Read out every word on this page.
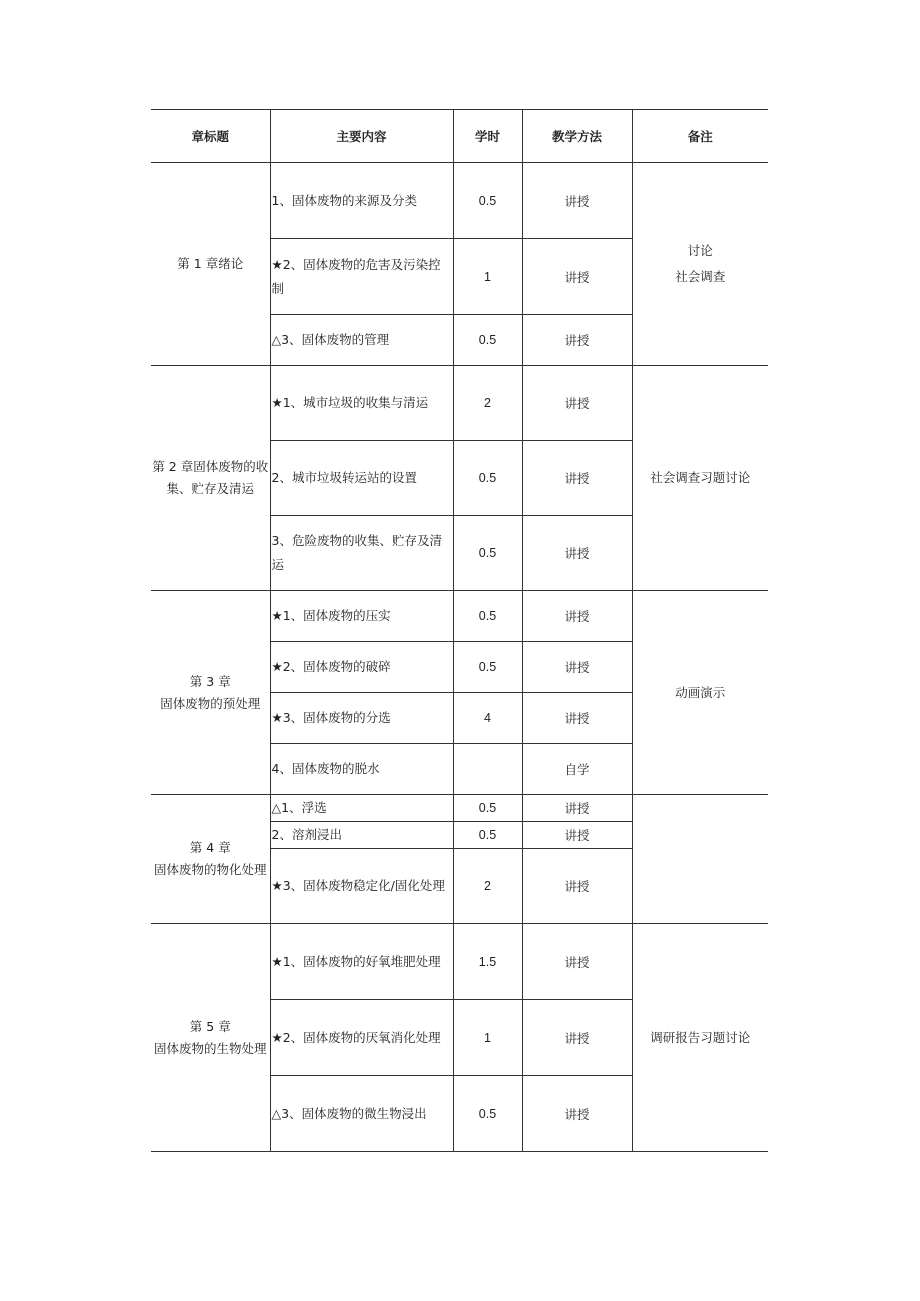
章标题	主要内容	学时	教学方法	备注

第 1 章绪论	1、固体废物的来源及分类	0.5	讲授	讨论
社会调查

	★2、固体废物的危害及污染控制	1	讲授	
	△3、固体废物的管理	0.5	讲授	

第 2 章固体废物的收
集、贮存及清运	★1、城市垃圾的收集与清运	2	讲授	社会调查习题讨论

	2、城市垃圾转运站的设置	0.5	讲授	
	3、危险废物的收集、贮存及清运	0.5	讲授	

第 3 章
固体废物的预处理	★1、固体废物的压实	0.5	讲授	动画演示

	★2、固体废物的破碎	0.5	讲授	
	★3、固体废物的分选	4	讲授	
	4、固体废物的脱水		自学	

第 4 章
固体废物的物化处理	△1、浮选	0.5	讲授	
	2、溶剂浸出	0.5	讲授	
	★3、固体废物稳定化/固化处理	2	讲授	

第 5 章
固体废物的生物处理	★1、固体废物的好氧堆肥处理	1.5	讲授	调研报告习题讨论

	★2、固体废物的厌氧消化处理	1	讲授	
	△3、固体废物的微生物浸出	0.5	讲授	
